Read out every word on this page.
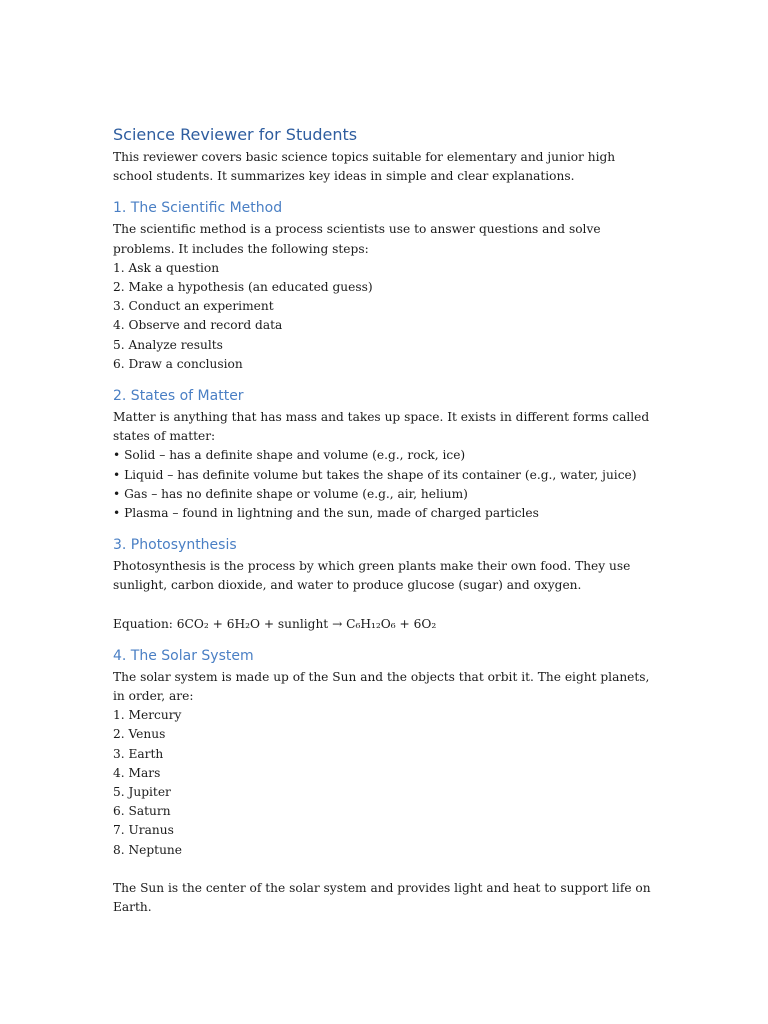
Science Reviewer for Students

This reviewer covers basic science topics suitable for elementary and junior high school students. It summarizes key ideas in simple and clear explanations.

1. The Scientific Method

The scientific method is a process scientists use to answer questions and solve problems. It includes the following steps:

1. Ask a question

2. Make a hypothesis (an educated guess)

3. Conduct an experiment

4. Observe and record data

5. Analyze results

6. Draw a conclusion

2. States of Matter

Matter is anything that has mass and takes up space. It exists in different forms called states of matter:

• Solid – has a definite shape and volume (e.g., rock, ice)

• Liquid – has definite volume but takes the shape of its container (e.g., water, juice)

• Gas – has no definite shape or volume (e.g., air, helium)

• Plasma – found in lightning and the sun, made of charged particles

3. Photosynthesis

Photosynthesis is the process by which green plants make their own food. They use sunlight, carbon dioxide, and water to produce glucose (sugar) and oxygen.

Equation: 6CO₂ + 6H₂O + sunlight → C₆H₁₂O₆ + 6O₂

4. The Solar System

The solar system is made up of the Sun and the objects that orbit it. The eight planets, in order, are:

1. Mercury

2. Venus

3. Earth

4. Mars

5. Jupiter

6. Saturn

7. Uranus

8. Neptune

The Sun is the center of the solar system and provides light and heat to support life on Earth.
